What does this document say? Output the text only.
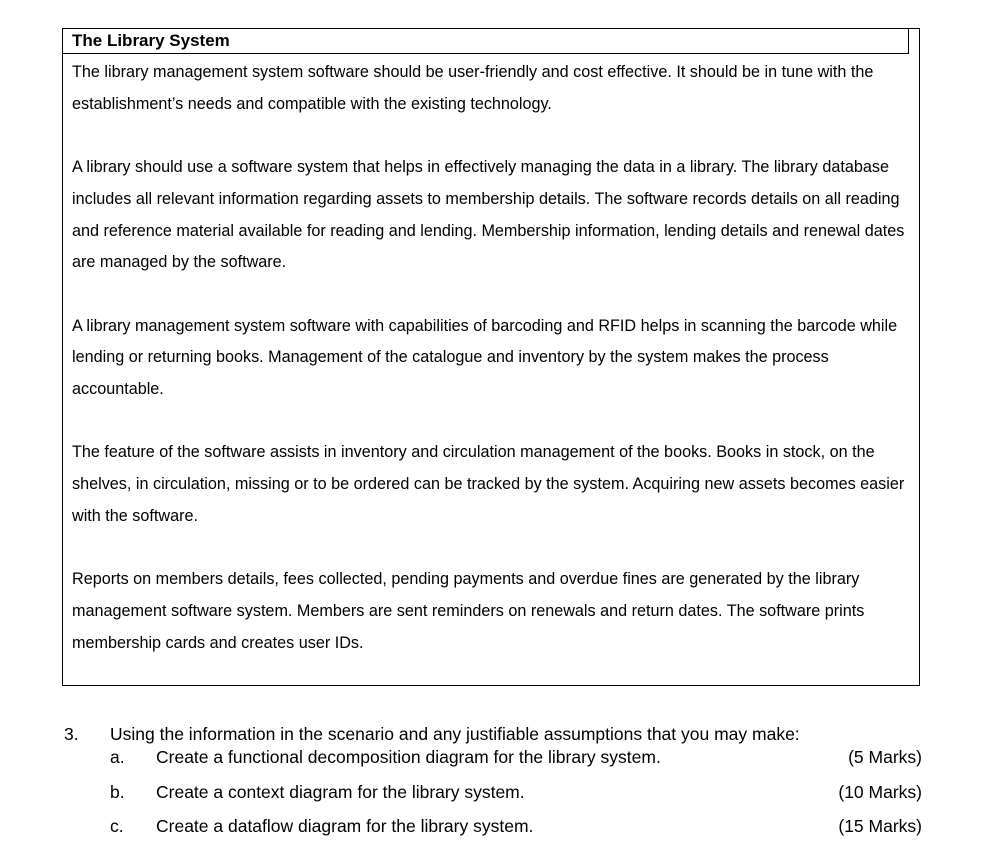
The Library System

The library management system software should be user-friendly and cost effective. It should be in tune with the establishment’s needs and compatible with the existing technology.

A library should use a software system that helps in effectively managing the data in a library. The library database includes all relevant information regarding assets to membership details. The software records details on all reading and reference material available for reading and lending. Membership information, lending details and renewal dates are managed by the software.

A library management system software with capabilities of barcoding and RFID helps in scanning the barcode while lending or returning books. Management of the catalogue and inventory by the system makes the process accountable.

The feature of the software assists in inventory and circulation management of the books. Books in stock, on the shelves, in circulation, missing or to be ordered can be tracked by the system. Acquiring new assets becomes easier with the software.

Reports on members details, fees collected, pending payments and overdue fines are generated by the library management software system. Members are sent reminders on renewals and return dates. The software prints membership cards and creates user IDs.

3. Using the information in the scenario and any justifiable assumptions that you may make:
a. Create a functional decomposition diagram for the library system.	(5 Marks)
b. Create a context diagram for the library system.	(10 Marks)
c. Create a dataflow diagram for the library system.	(15 Marks)
